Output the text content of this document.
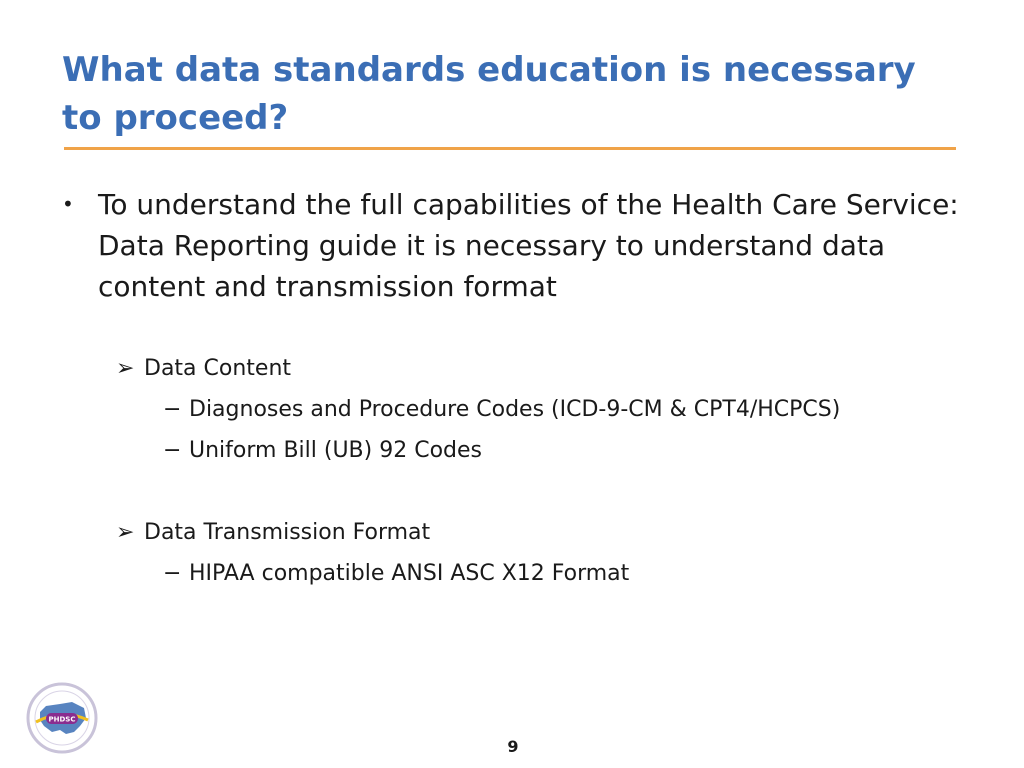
What data standards education is necessary to proceed?
• To understand the full capabilities of the Health Care Service: Data Reporting guide it is necessary to understand data content and transmission format
➢ Data Content
− Diagnoses and Procedure Codes (ICD-9-CM & CPT4/HCPCS)
− Uniform Bill (UB) 92 Codes
➢ Data Transmission Format
− HIPAA compatible ANSI ASC X12 Format
PHDSC
9
